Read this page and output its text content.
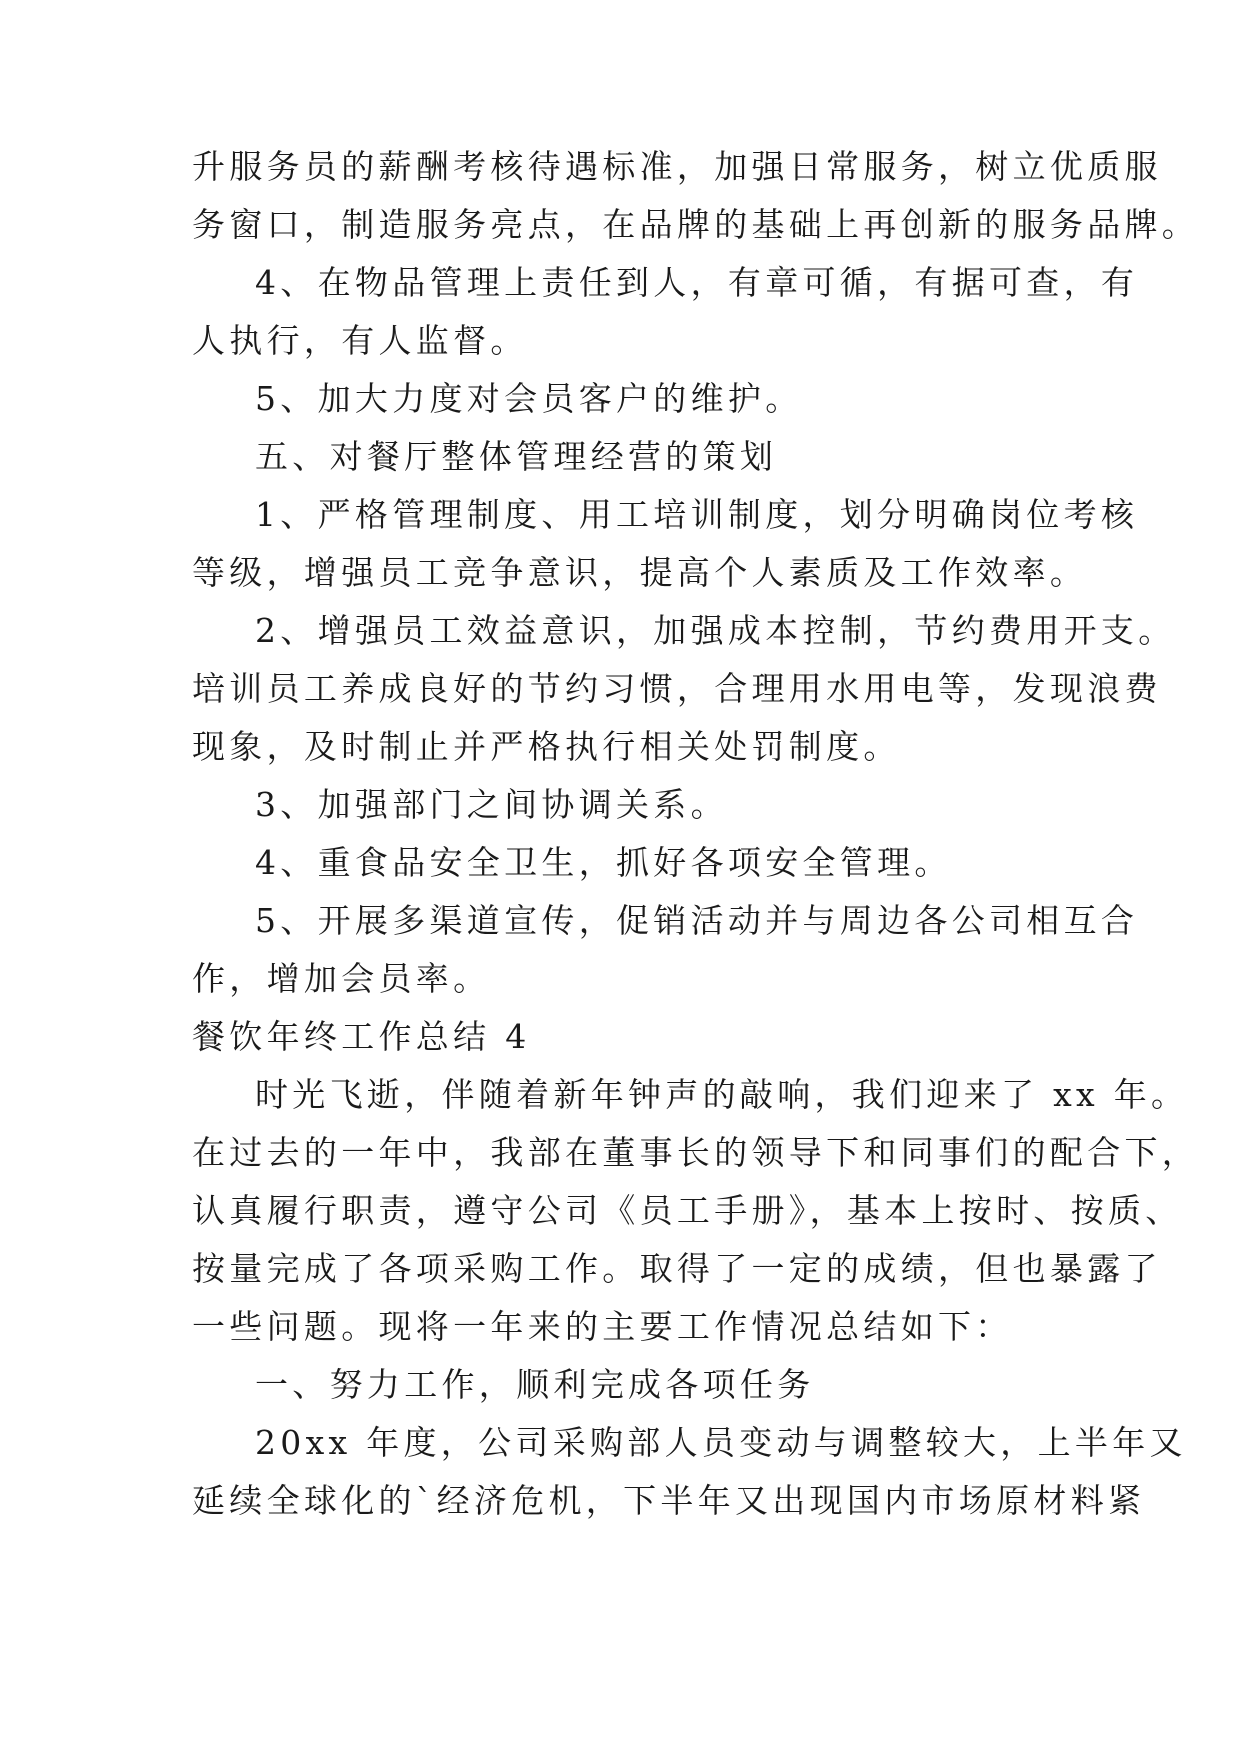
升服务员的薪酬考核待遇标准，加强日常服务，树立优质服
务窗口，制造服务亮点，在品牌的基础上再创新的服务品牌。
4、在物品管理上责任到人，有章可循，有据可查，有
人执行，有人监督。
5、加大力度对会员客户的维护。
五、对餐厅整体管理经营的策划
1、严格管理制度、用工培训制度，划分明确岗位考核
等级，增强员工竞争意识，提高个人素质及工作效率。
2、增强员工效益意识，加强成本控制，节约费用开支。
培训员工养成良好的节约习惯，合理用水用电等，发现浪费
现象，及时制止并严格执行相关处罚制度。
3、加强部门之间协调关系。
4、重食品安全卫生，抓好各项安全管理。
5、开展多渠道宣传，促销活动并与周边各公司相互合
作，增加会员率。
餐饮年终工作总结 4
时光飞逝，伴随着新年钟声的敲响，我们迎来了 xx 年。
在过去的一年中，我部在董事长的领导下和同事们的配合下，
认真履行职责，遵守公司《员工手册》，基本上按时、按质、
按量完成了各项采购工作。取得了一定的成绩，但也暴露了
一些问题。现将一年来的主要工作情况总结如下：
一、努力工作，顺利完成各项任务
20xx 年度，公司采购部人员变动与调整较大，上半年又
延续全球化的`经济危机，下半年又出现国内市场原材料紧
